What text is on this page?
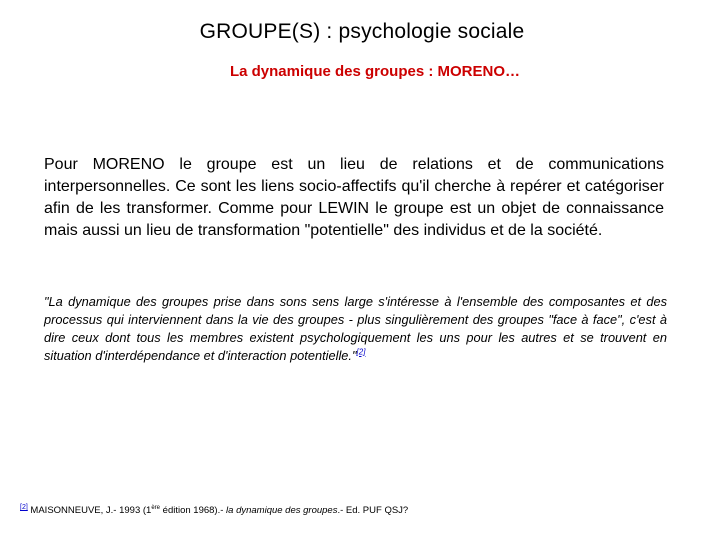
GROUPE(S) : psychologie sociale
La dynamique des groupes : MORENO…
Pour MORENO le groupe est un lieu de relations et de communications interpersonnelles. Ce sont les liens socio-affectifs qu'il cherche à repérer et catégoriser afin de les transformer. Comme pour LEWIN le groupe est un objet de connaissance mais aussi un lieu de transformation "potentielle" des individus et de la société.
"La dynamique des groupes prise dans sons sens large s'intéresse à l'ensemble des composantes et des processus qui interviennent dans la vie des groupes - plus singulièrement des groupes "face à face", c'est à dire ceux dont tous les membres existent psychologiquement les uns pour les autres et se trouvent en situation d'interdépendance et d'interaction potentielle."[2]
[2] MAISONNEUVE, J.- 1993 (1ère édition 1968).- la dynamique des groupes.- Ed. PUF QSJ?
